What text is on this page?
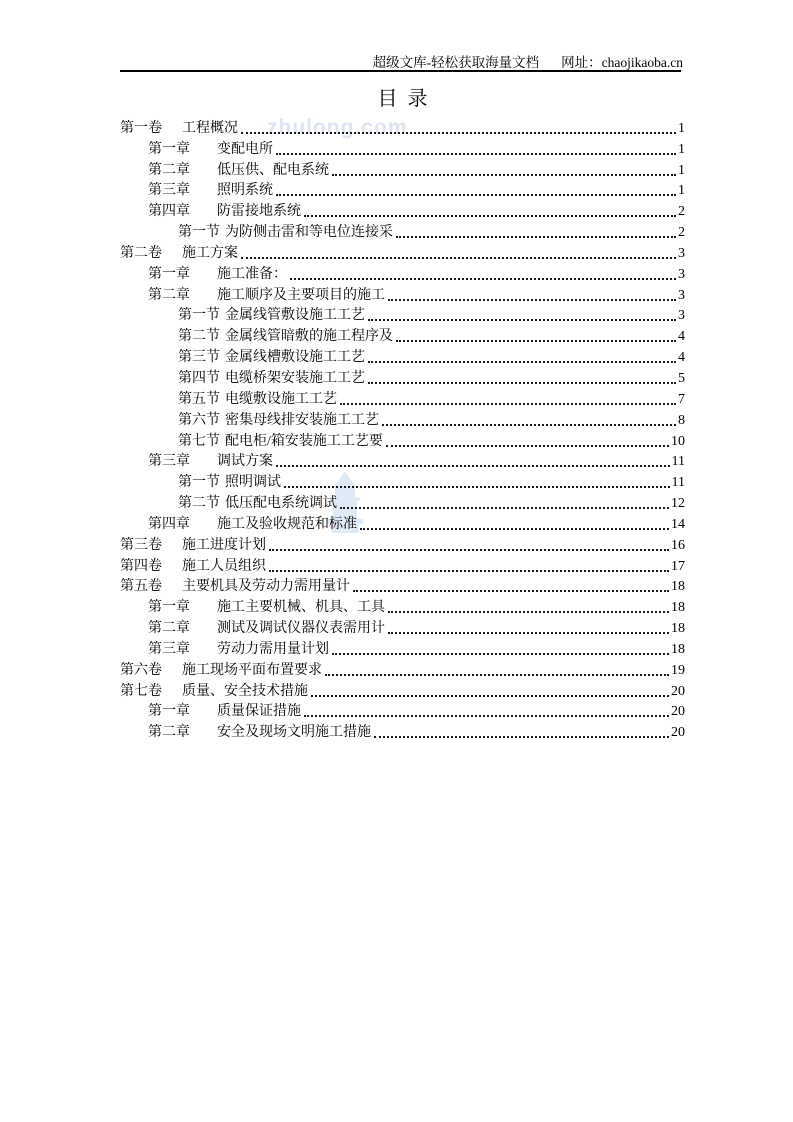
超级文库-轻松获取海量文档 网址：chaojikaoba.cn
zhulong.com
目  录
第一卷	工程概况	1
第一章	变配电所	1
第二章	低压供、配电系统	1
第三章	照明系统	1
第四章	防雷接地系统	2
第一节 为防侧击雷和等电位连接采	2
第二卷	施工方案	3
第一章	施工准备：	3
第二章	施工顺序及主要项目的施工	3
第一节 金属线管敷设施工工艺	3
第二节 金属线管暗敷的施工程序及	4
第三节 金属线槽敷设施工工艺	4
第四节 电缆桥架安装施工工艺	5
第五节 电缆敷设施工工艺	7
第六节 密集母线排安装施工工艺	8
第七节 配电柜/箱安装施工工艺要	10
第三章	调试方案	11
第一节 照明调试	11
第二节 低压配电系统调试	12
第四章	施工及验收规范和标准	14
第三卷	施工进度计划	16
第四卷	施工人员组织	17
第五卷	主要机具及劳动力需用量计	18
第一章	施工主要机械、机具、工具	18
第二章	测试及调试仪器仪表需用计	18
第三章	劳动力需用量计划	18
第六卷	施工现场平面布置要求	19
第七卷	质量、安全技术措施	20
第一章	质量保证措施	20
第二章	安全及现场文明施工措施	20
